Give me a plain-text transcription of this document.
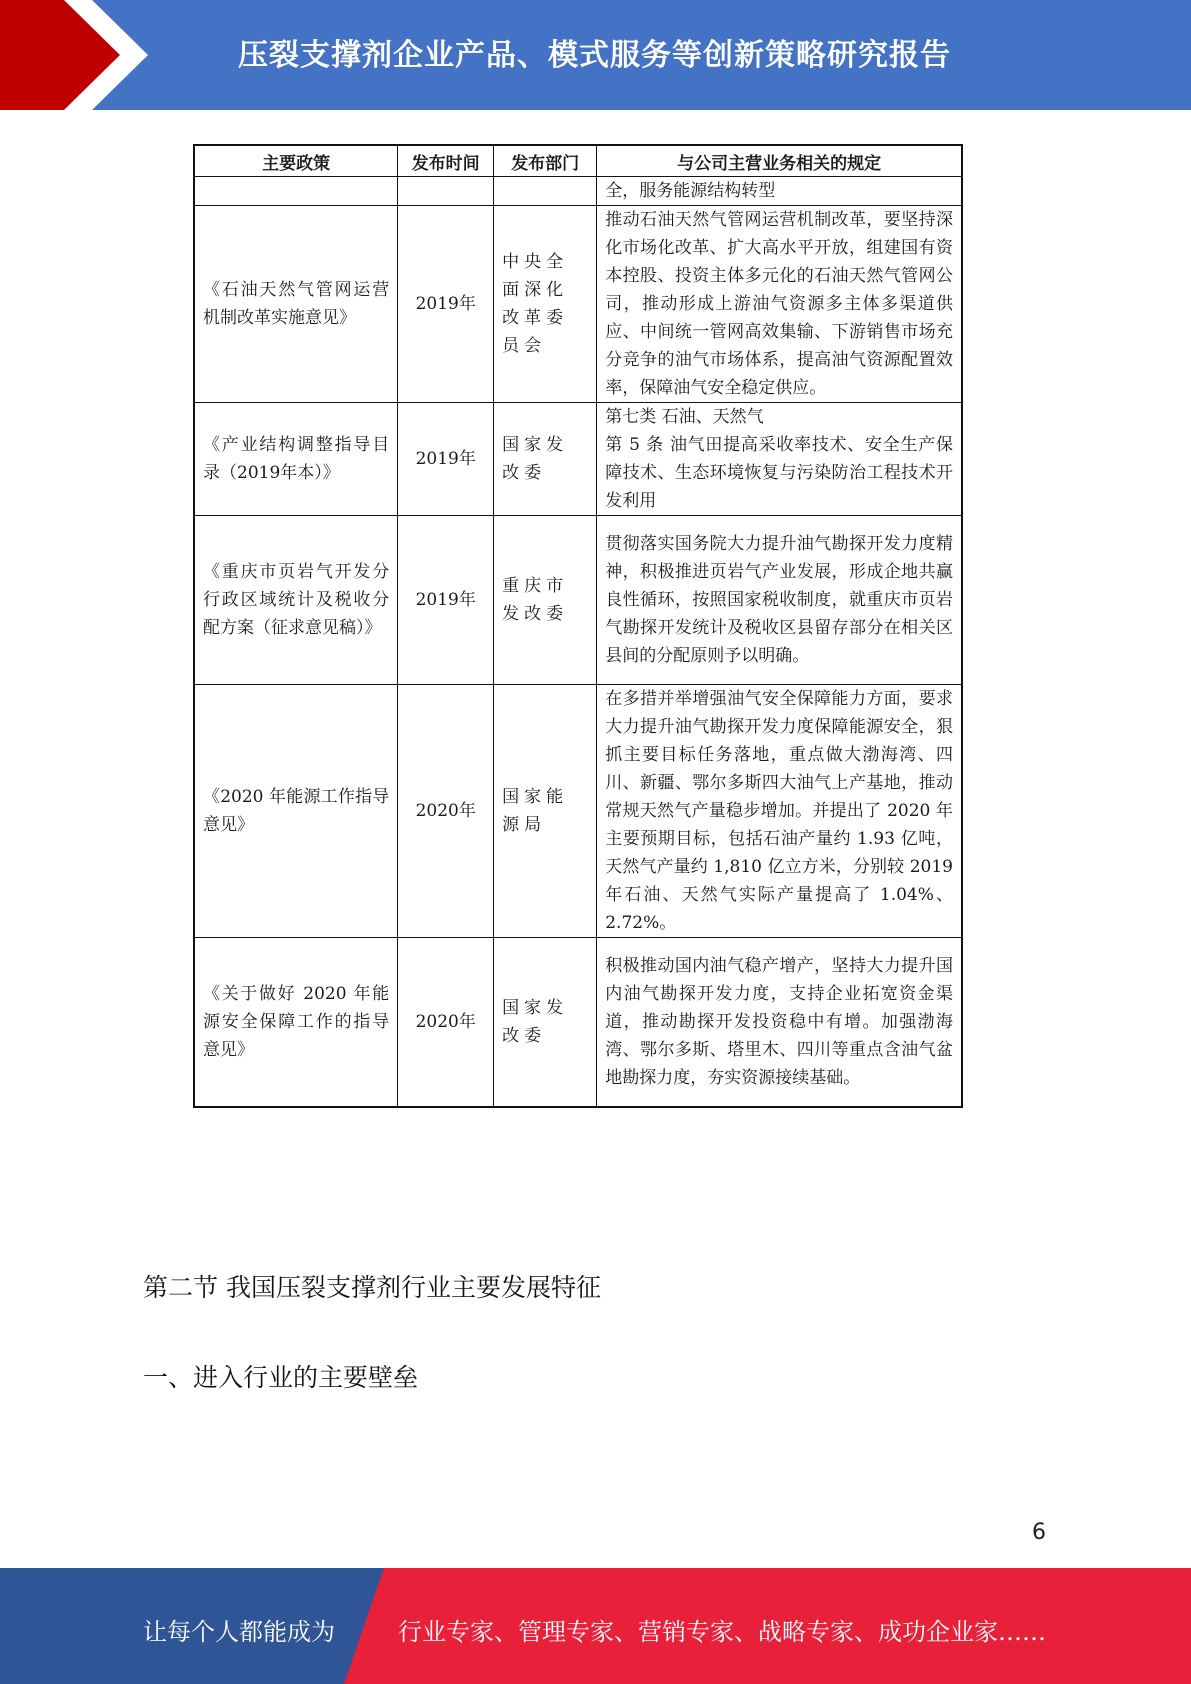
压裂支撑剂企业产品、模式服务等创新策略研究报告
主要政策	发布时间	发布部门	与公司主营业务相关的规定
			全，服务能源结构转型
《石油天然气管网运营机制改革实施意见》	2019年	中央全面深化改革委员会	推动石油天然气管网运营机制改革，要坚持深化市场化改革、扩大高水平开放，组建国有资本控股、投资主体多元化的石油天然气管网公司，推动形成上游油气资源多主体多渠道供应、中间统一管网高效集输、下游销售市场充分竞争的油气市场体系，提高油气资源配置效率，保障油气安全稳定供应。
《产业结构调整指导目录（2019年本）》	2019年	国家发改委	第七类 石油、天然气
第 5 条 油气田提高采收率技术、安全生产保障技术、生态环境恢复与污染防治工程技术开发利用
《重庆市页岩气开发分行政区域统计及税收分配方案（征求意见稿）》	2019年	重庆市发改委	贯彻落实国务院大力提升油气勘探开发力度精神，积极推进页岩气产业发展，形成企地共赢良性循环，按照国家税收制度，就重庆市页岩气勘探开发统计及税收区县留存部分在相关区县间的分配原则予以明确。
《2020 年能源工作指导意见》	2020年	国家能源局	在多措并举增强油气安全保障能力方面，要求大力提升油气勘探开发力度保障能源安全，狠抓主要目标任务落地，重点做大渤海湾、四川、新疆、鄂尔多斯四大油气上产基地，推动常规天然气产量稳步增加。并提出了 2020 年主要预期目标，包括石油产量约 1.93 亿吨，天然气产量约 1,810 亿立方米，分别较 2019 年石油、天然气实际产量提高了 1.04%、2.72%。
《关于做好 2020 年能源安全保障工作的指导意见》	2020年	国家发改委	积极推动国内油气稳产增产，坚持大力提升国内油气勘探开发力度，支持企业拓宽资金渠道，推动勘探开发投资稳中有增。加强渤海湾、鄂尔多斯、塔里木、四川等重点含油气盆地勘探力度，夯实资源接续基础。
第二节 我国压裂支撑剂行业主要发展特征
一、进入行业的主要壁垒
6
让每个人都能成为	行业专家、管理专家、营销专家、战略专家、成功企业家……
